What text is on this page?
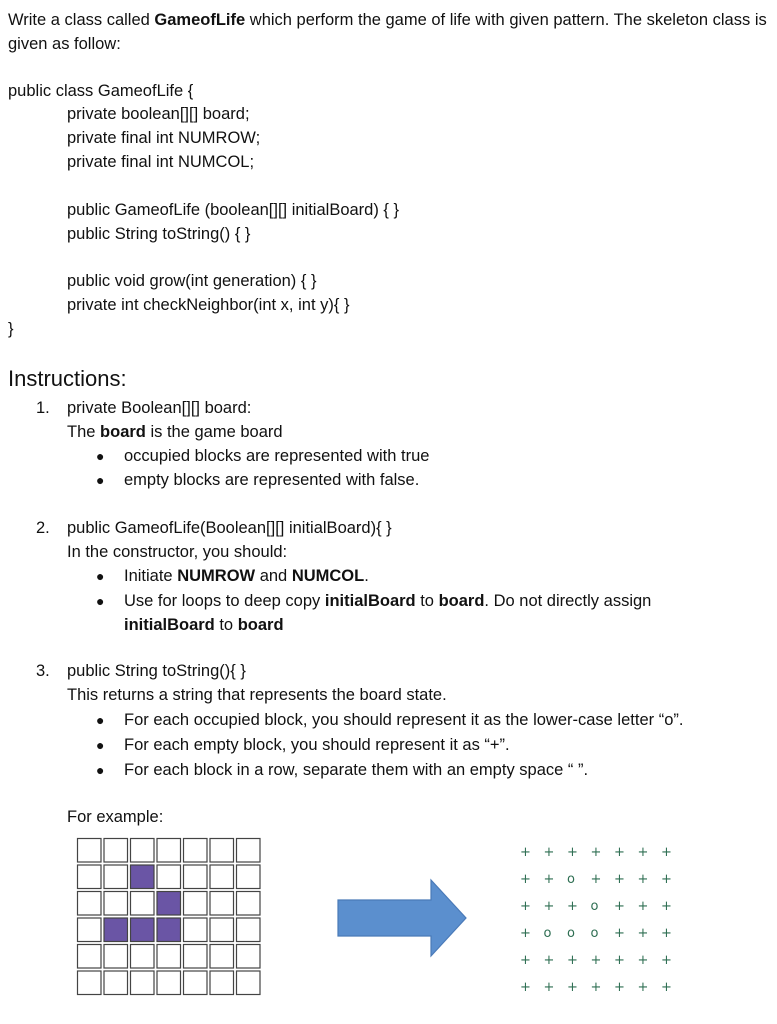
Write a class called GameofLife which perform the game of life with given pattern. The skeleton class is given as follow:
public class GameofLife {
private boolean[][] board;
private final int NUMROW;
private final int NUMCOL;
public GameofLife (boolean[][] initialBoard) { }
public String toString() { }
public void grow(int generation) { }
private int checkNeighbor(int x, int y){ }
}
Instructions:
1. private Boolean[][] board:
The board is the game board
● occupied blocks are represented with true
● empty blocks are represented with false.
2. public GameofLife(Boolean[][] initialBoard){ }
In the constructor, you should:
● Initiate NUMROW and NUMCOL.
● Use for loops to deep copy initialBoard to board. Do not directly assign
initialBoard to board
3. public String toString(){ }
This returns a string that represents the board state.
● For each occupied block, you should represent it as the lower-case letter “o”.
● For each empty block, you should represent it as “+”.
● For each block in a row, separate them with an empty space “ ”.
For example:
+ + + + + + +
+ + o + + + +
+ + + o + + +
+ o o o + + +
+ + + + + + +
+ + + + + + +
